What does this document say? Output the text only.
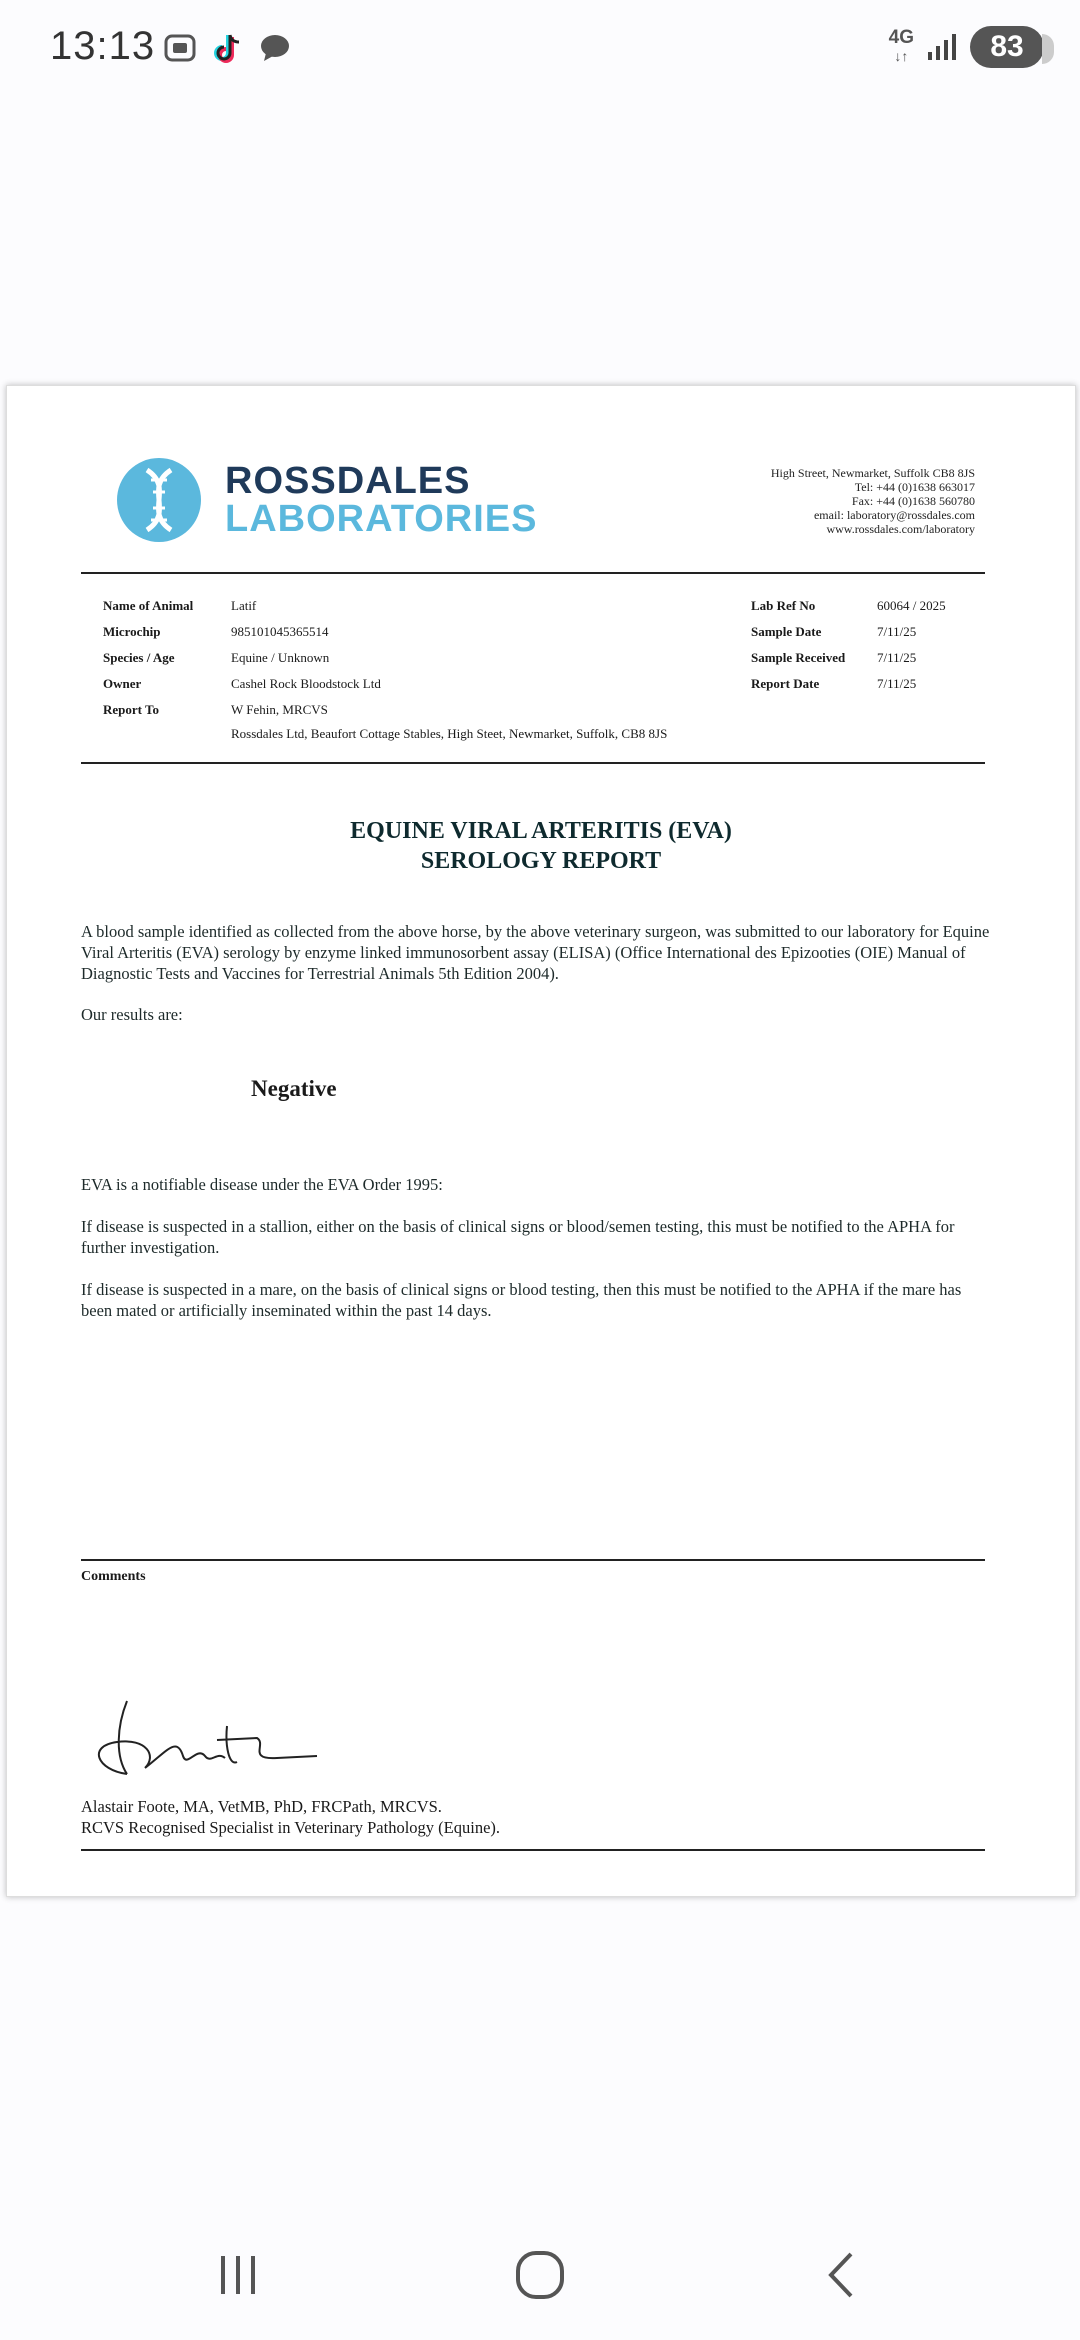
13:13	4G
↓↑	83
ROSSDALES
LABORATORIES
High Street, Newmarket, Suffolk CB8 8JS
Tel: +44 (0)1638 663017
Fax: +44 (0)1638 560780
email: laboratory@rossdales.com
www.rossdales.com/laboratory
Name of Animal	Latif
Microchip	985101045365514
Species / Age	Equine / Unknown
Owner	Cashel Rock Bloodstock Ltd
Report To	W Fehin, MRCVS
Rossdales Ltd, Beaufort Cottage Stables, High Steet, Newmarket, Suffolk, CB8 8JS
Lab Ref No	60064 / 2025
Sample Date	7/11/25
Sample Received 7/11/25
Report Date	7/11/25
EQUINE VIRAL ARTERITIS (EVA)
SEROLOGY REPORT
A blood sample identified as collected from the above horse, by the above veterinary surgeon, was submitted to our laboratory for Equine Viral Arteritis (EVA) serology by enzyme linked immunosorbent assay (ELISA) (Office International des Epizooties (OIE) Manual of Diagnostic Tests and Vaccines for Terrestrial Animals 5th Edition 2004).
Our results are:
Negative
EVA is a notifiable disease under the EVA Order 1995:
If disease is suspected in a stallion, either on the basis of clinical signs or blood/semen testing, this must be notified to the APHA for further investigation.
If disease is suspected in a mare, on the basis of clinical signs or blood testing, then this must be notified to the APHA if the mare has been mated or artificially inseminated within the past 14 days.
Comments
Alastair Foote, MA, VetMB, PhD, FRCPath, MRCVS.
RCVS Recognised Specialist in Veterinary Pathology (Equine).
